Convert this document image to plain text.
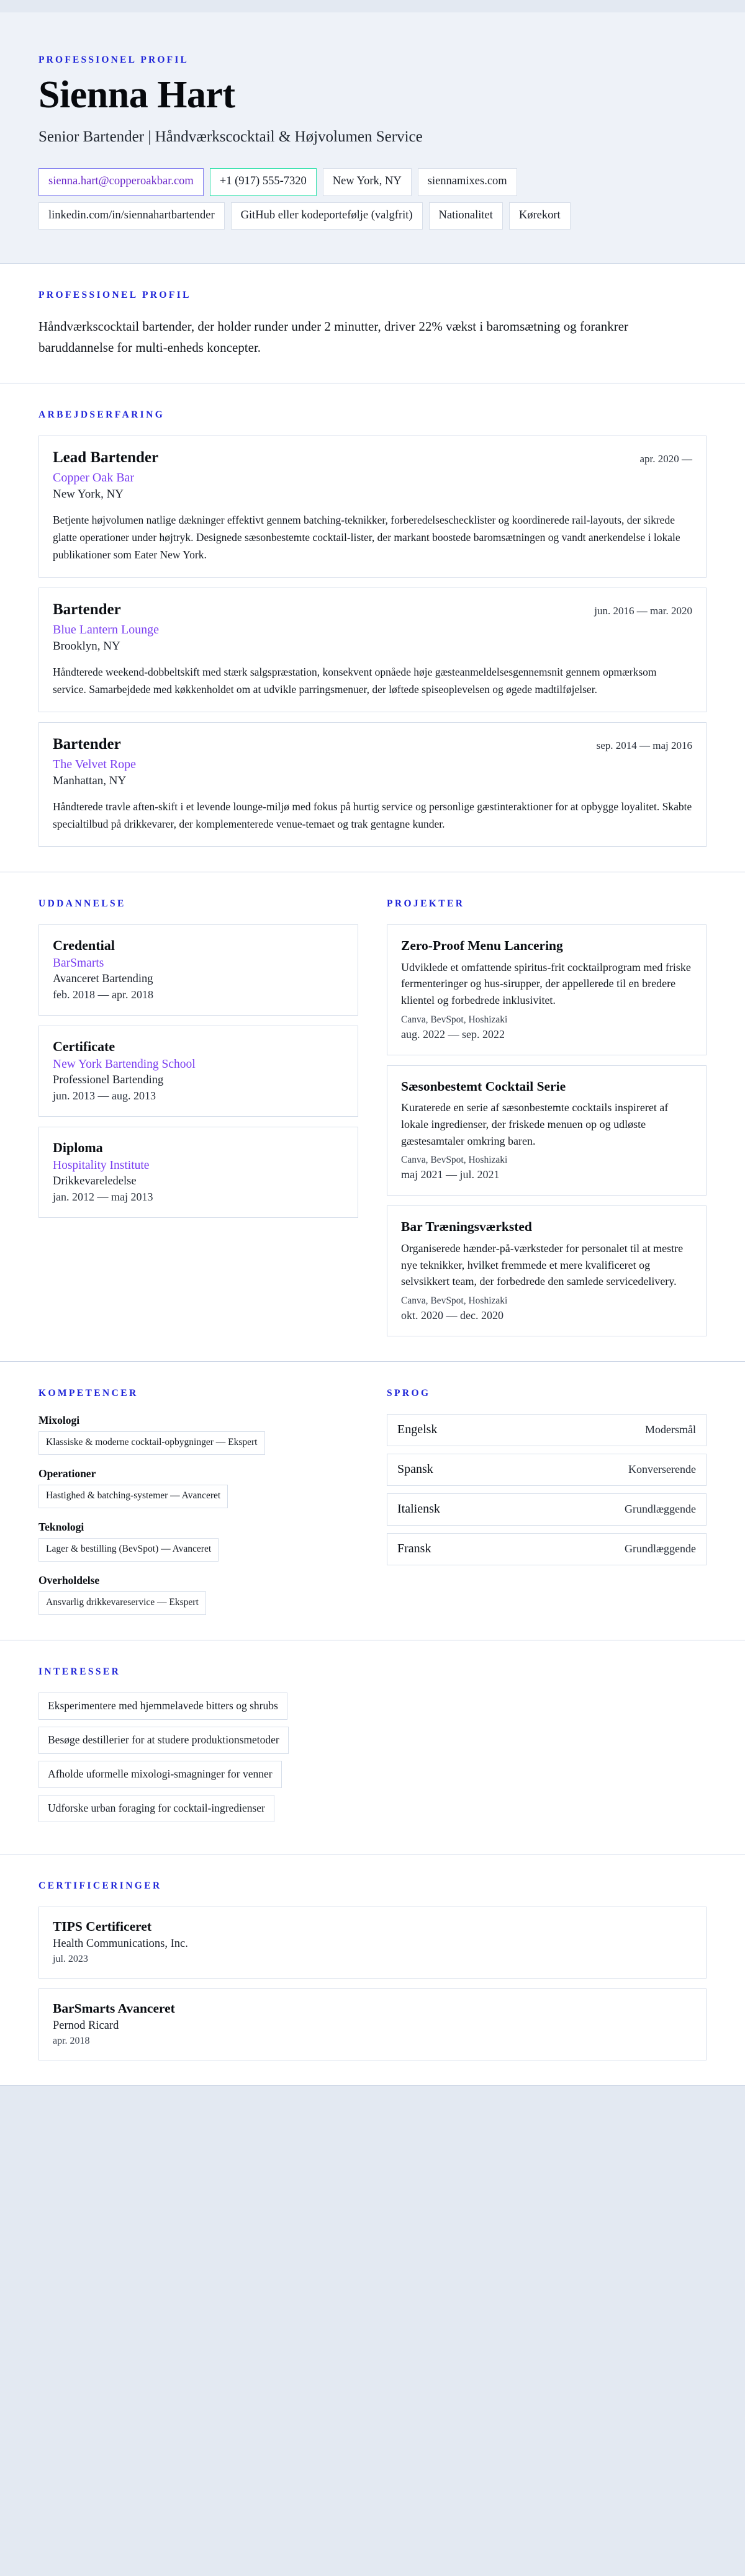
PROFESSIONEL PROFIL
Sienna Hart
Senior Bartender | Håndværkscocktail & Højvolumen Service
sienna.hart@copperoakbar.com	+1 (917) 555-7320	New York, NY	siennamixes.com
linkedin.com/in/siennahartbartender	GitHub eller kodeportefølje (valgfrit)	Nationalitet	Kørekort
PROFESSIONEL PROFIL

Håndværkscocktail bartender, der holder runder under 2 minutter, driver 22% vækst i baromsætning og forankrer baruddannelse for multi-enheds koncepter.

ARBEJDSERFARING
Lead Bartender	apr. 2020 —
Copper Oak Bar
New York, NY
Betjente højvolumen natlige dækninger effektivt gennem batching-teknikker, forberedelseschecklister og koordinerede rail-layouts, der sikrede glatte operationer under højtryk. Designede sæsonbestemte cocktail-lister, der markant boostede baromsætningen og vandt anerkendelse i lokale publikationer som Eater New York.
Bartender	jun. 2016 — mar. 2020
Blue Lantern Lounge
Brooklyn, NY
Håndterede weekend-dobbeltskift med stærk salgspræstation, konsekvent opnåede høje gæsteanmeldelsesgennemsnit gennem opmærksom service. Samarbejdede med køkkenholdet om at udvikle parringsmenuer, der løftede spiseoplevelsen og øgede madtilføjelser.
Bartender	sep. 2014 — maj 2016
The Velvet Rope
Manhattan, NY
Håndterede travle aften-skift i et levende lounge-miljø med fokus på hurtig service og personlige gæstinteraktioner for at opbygge loyalitet. Skabte specialtilbud på drikkevarer, der komplementerede venue-temaet og trak gentagne kunder.
UDDANNELSE
Credential
BarSmarts
Avanceret Bartending
feb. 2018 — apr. 2018
Certificate
New York Bartending School
Professionel Bartending
jun. 2013 — aug. 2013
Diploma
Hospitality Institute
Drikkevareledelse
jan. 2012 — maj 2013
PROJEKTER
Zero-Proof Menu Lancering
Udviklede et omfattende spiritus-frit cocktailprogram med friske fermenteringer og hus-sirupper, der appellerede til en bredere klientel og forbedrede inklusivitet.
Canva, BevSpot, Hoshizaki
aug. 2022 — sep. 2022
Sæsonbestemt Cocktail Serie
Kuraterede en serie af sæsonbestemte cocktails inspireret af lokale ingredienser, der friskede menuen op og udløste gæstesamtaler omkring baren.
Canva, BevSpot, Hoshizaki
maj 2021 — jul. 2021
Bar Træningsværksted
Organiserede hænder-på-værksteder for personalet til at mestre nye teknikker, hvilket fremmede et mere kvalificeret og selvsikkert team, der forbedrede den samlede servicedelivery.
Canva, BevSpot, Hoshizaki
okt. 2020 — dec. 2020
KOMPETENCER
Mixologi
Klassiske & moderne cocktail-opbygninger — Ekspert
Operationer
Hastighed & batching-systemer — Avanceret
Teknologi
Lager & bestilling (BevSpot) — Avanceret
Overholdelse
Ansvarlig drikkevareservice — Ekspert
SPROG
Engelsk	Modersmål
Spansk	Konverserende
Italiensk	Grundlæggende
Fransk	Grundlæggende
INTERESSER
Eksperimentere med hjemmelavede bitters og shrubs
Besøge destillerier for at studere produktionsmetoder
Afholde uformelle mixologi-smagninger for venner
Udforske urban foraging for cocktail-ingredienser
CERTIFICERINGER
TIPS Certificeret
Health Communications, Inc.
jul. 2023
BarSmarts Avanceret
Pernod Ricard
apr. 2018
